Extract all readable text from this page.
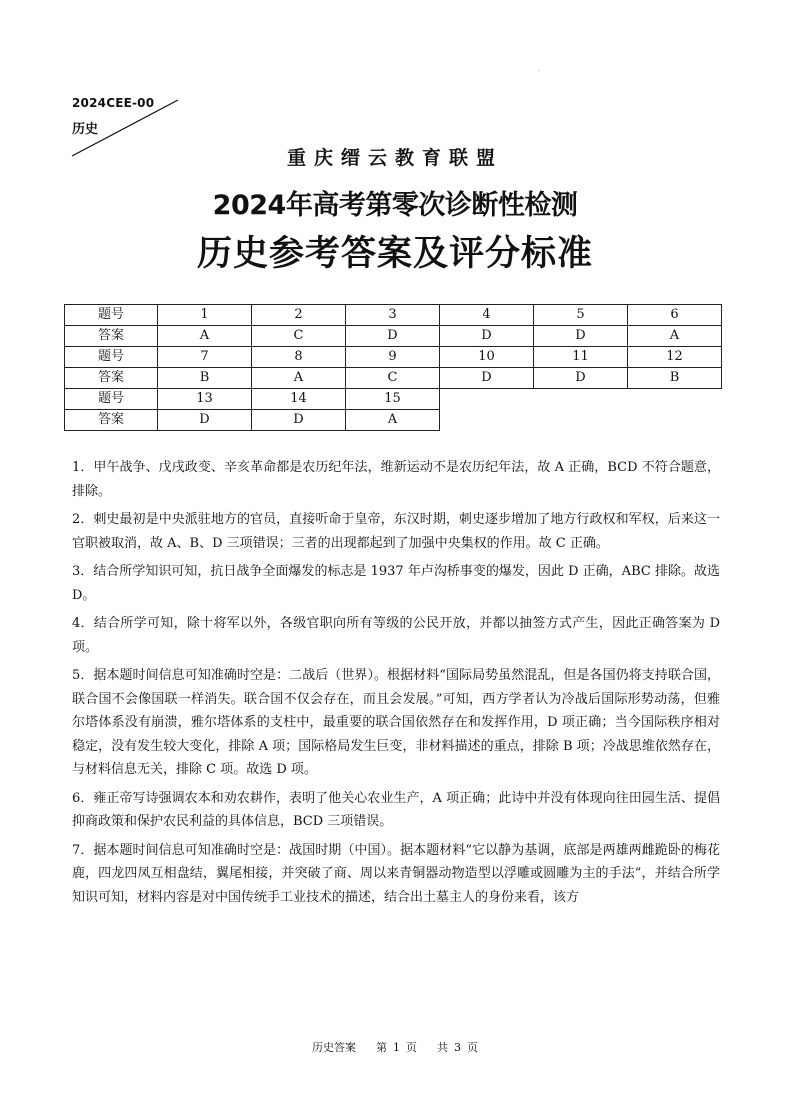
.
2024CEE-00
历史
重庆缙云教育联盟
2024年高考第零次诊断性检测
历史参考答案及评分标准
题号	1	2	3	4	5	6
答案	A	C	D	D	D	A
题号	7	8	9	10	11	12
答案	B	A	C	D	D	B
题号	13	14	15			
答案	D	D	A			

1．甲午战争、戊戌政变、辛亥革命都是农历纪年法，维新运动不是农历纪年法，故 A 正确，BCD 不符合题意，排除。

2．刺史最初是中央派驻地方的官员，直接听命于皇帝，东汉时期，刺史逐步增加了地方行政权和军权，后来这一官职被取消，故 A、B、D 三项错误；三者的出现都起到了加强中央集权的作用。故 C 正确。

3．结合所学知识可知，抗日战争全面爆发的标志是 1937 年卢沟桥事变的爆发，因此 D 正确，ABC 排除。故选 D。

4．结合所学可知，除十将军以外，各级官职向所有等级的公民开放，并都以抽签方式产生，因此正确答案为 D 项。

5．据本题时间信息可知准确时空是：二战后（世界）。根据材料“国际局势虽然混乱，但是各国仍将支持联合国，联合国不会像国联一样消失。联合国不仅会存在，而且会发展。”可知，西方学者认为冷战后国际形势动荡，但雅尔塔体系没有崩溃，雅尔塔体系的支柱中，最重要的联合国依然存在和发挥作用，D 项正确；当今国际秩序相对稳定，没有发生较大变化，排除 A 项；国际格局发生巨变，非材料描述的重点，排除 B 项；冷战思维依然存在，与材料信息无关，排除 C 项。故选 D 项。

6．雍正帝写诗强调农本和劝农耕作，表明了他关心农业生产，A 项正确；此诗中并没有体现向往田园生活、提倡抑商政策和保护农民利益的具体信息，BCD 三项错误。

7．据本题时间信息可知准确时空是：战国时期（中国）。据本题材料“它以静为基调，底部是两雄两雌跪卧的梅花鹿，四龙四凤互相盘结，翼尾相接，并突破了商、周以来青铜器动物造型以浮雕或圆雕为主的手法”，并结合所学知识可知，材料内容是对中国传统手工业技术的描述，结合出土墓主人的身份来看，该方

历史答案 第 1 页 共 3 页
